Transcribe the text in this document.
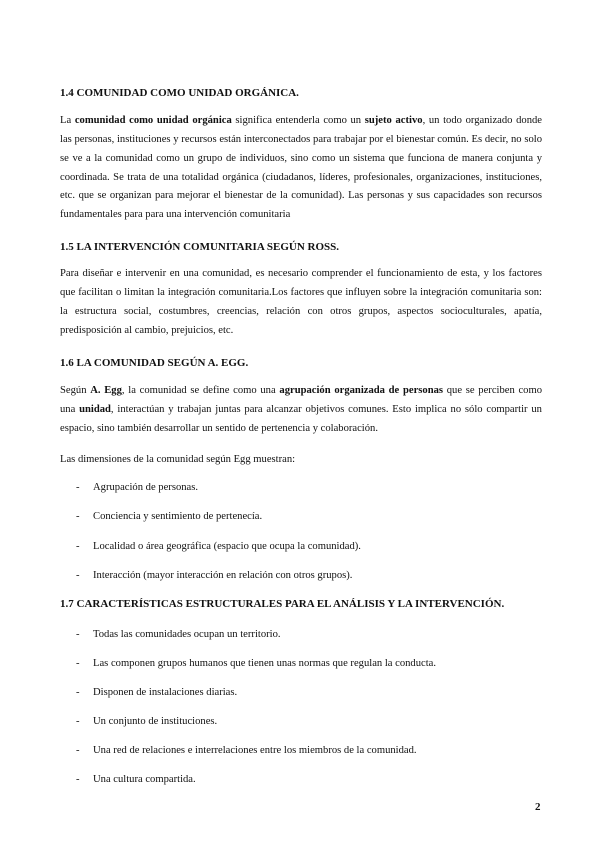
1.4 COMUNIDAD COMO UNIDAD ORGÁNICA.

La comunidad como unidad orgánica significa entenderla como un sujeto activo, un todo organizado donde las personas, instituciones y recursos están interconectados para trabajar por el bienestar común. Es decir, no solo se ve a la comunidad como un grupo de individuos, sino como un sistema que funciona de manera conjunta y coordinada. Se trata de una totalidad orgánica (ciudadanos, líderes, profesionales, organizaciones, instituciones, etc. que se organizan para mejorar el bienestar de la comunidad). Las personas y sus capacidades son recursos fundamentales para para una intervención comunitaria

1.5 LA INTERVENCIÓN COMUNITARIA SEGÚN ROSS.

Para diseñar e intervenir en una comunidad, es necesario comprender el funcionamiento de esta, y los factores que facilitan o limitan la integración comunitaria.Los factores que influyen sobre la integración comunitaria son: la estructura social, costumbres, creencias, relación con otros grupos, aspectos socioculturales, apatía, predisposición al cambio, prejuicios, etc.

1.6 LA COMUNIDAD SEGÚN A. EGG.

Según A. Egg, la comunidad se define como una agrupación organizada de personas que se perciben como una unidad, interactúan y trabajan juntas para alcanzar objetivos comunes. Esto implica no sólo compartir un espacio, sino también desarrollar un sentido de pertenencia y colaboración.

Las dimensiones de la comunidad según Egg muestran:

- Agrupación de personas.
- Conciencia y sentimiento de pertenecía.
- Localidad o área geográfica (espacio que ocupa la comunidad).
- Interacción (mayor interacción en relación con otros grupos).
1.7 CARACTERÍSTICAS ESTRUCTURALES PARA EL ANÁLISIS Y LA INTERVENCIÓN.
- Todas las comunidades ocupan un territorio.
- Las componen grupos humanos que tienen unas normas que regulan la conducta.
- Disponen de instalaciones diarias.
- Un conjunto de instituciones.
- Una red de relaciones e interrelaciones entre los miembros de la comunidad.
- Una cultura compartida.
2
